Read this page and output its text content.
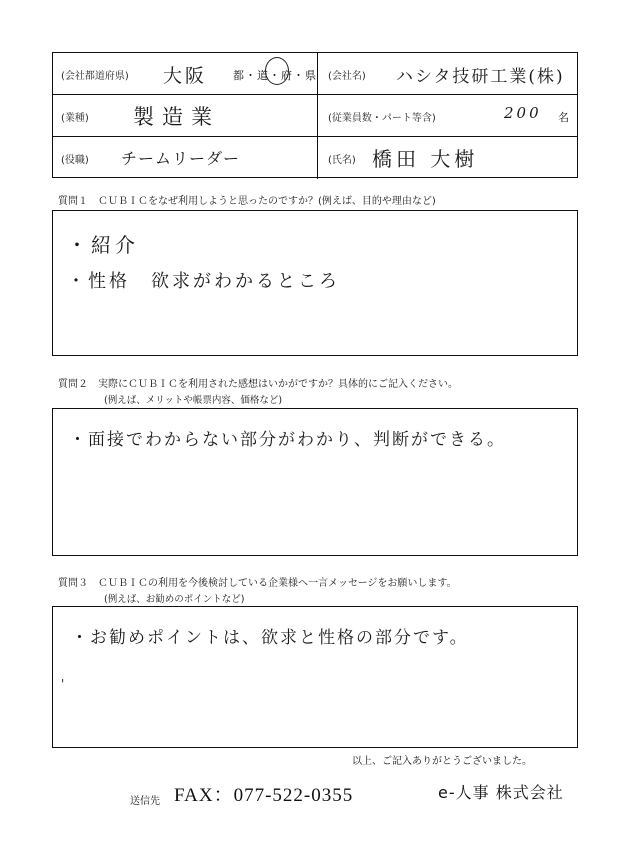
(会社都道府県) 大阪 都・道・府・県 (会社名) ハシタ技研工業(株)
(業種) 製造業	(従業員数・パート等含)	200 名
(役職) チームリーダー	(氏名) 橋田 大樹
質問１　ＣＵＢＩＣをなぜ利用しようと思ったのですか？(例えば、目的や理由など)
・紹介
・性格　欲求がわかるところ
質問２　実際にＣＵＢＩＣを利用された感想はいかがですか？具体的にご記入ください。
(例えば、メリットや帳票内容、価格など)
・面接でわからない部分がわかり、判断ができる。
質問３　ＣＵＢＩＣの利用を今後検討している企業様へ一言メッセージをお願いします。
(例えば、お勧めのポイントなど)
・お勧めポイントは、欲求と性格の部分です。
'
以上、ご記入ありがとうございました。
送信先 FAX：077-522-0355	e-人事 株式会社
